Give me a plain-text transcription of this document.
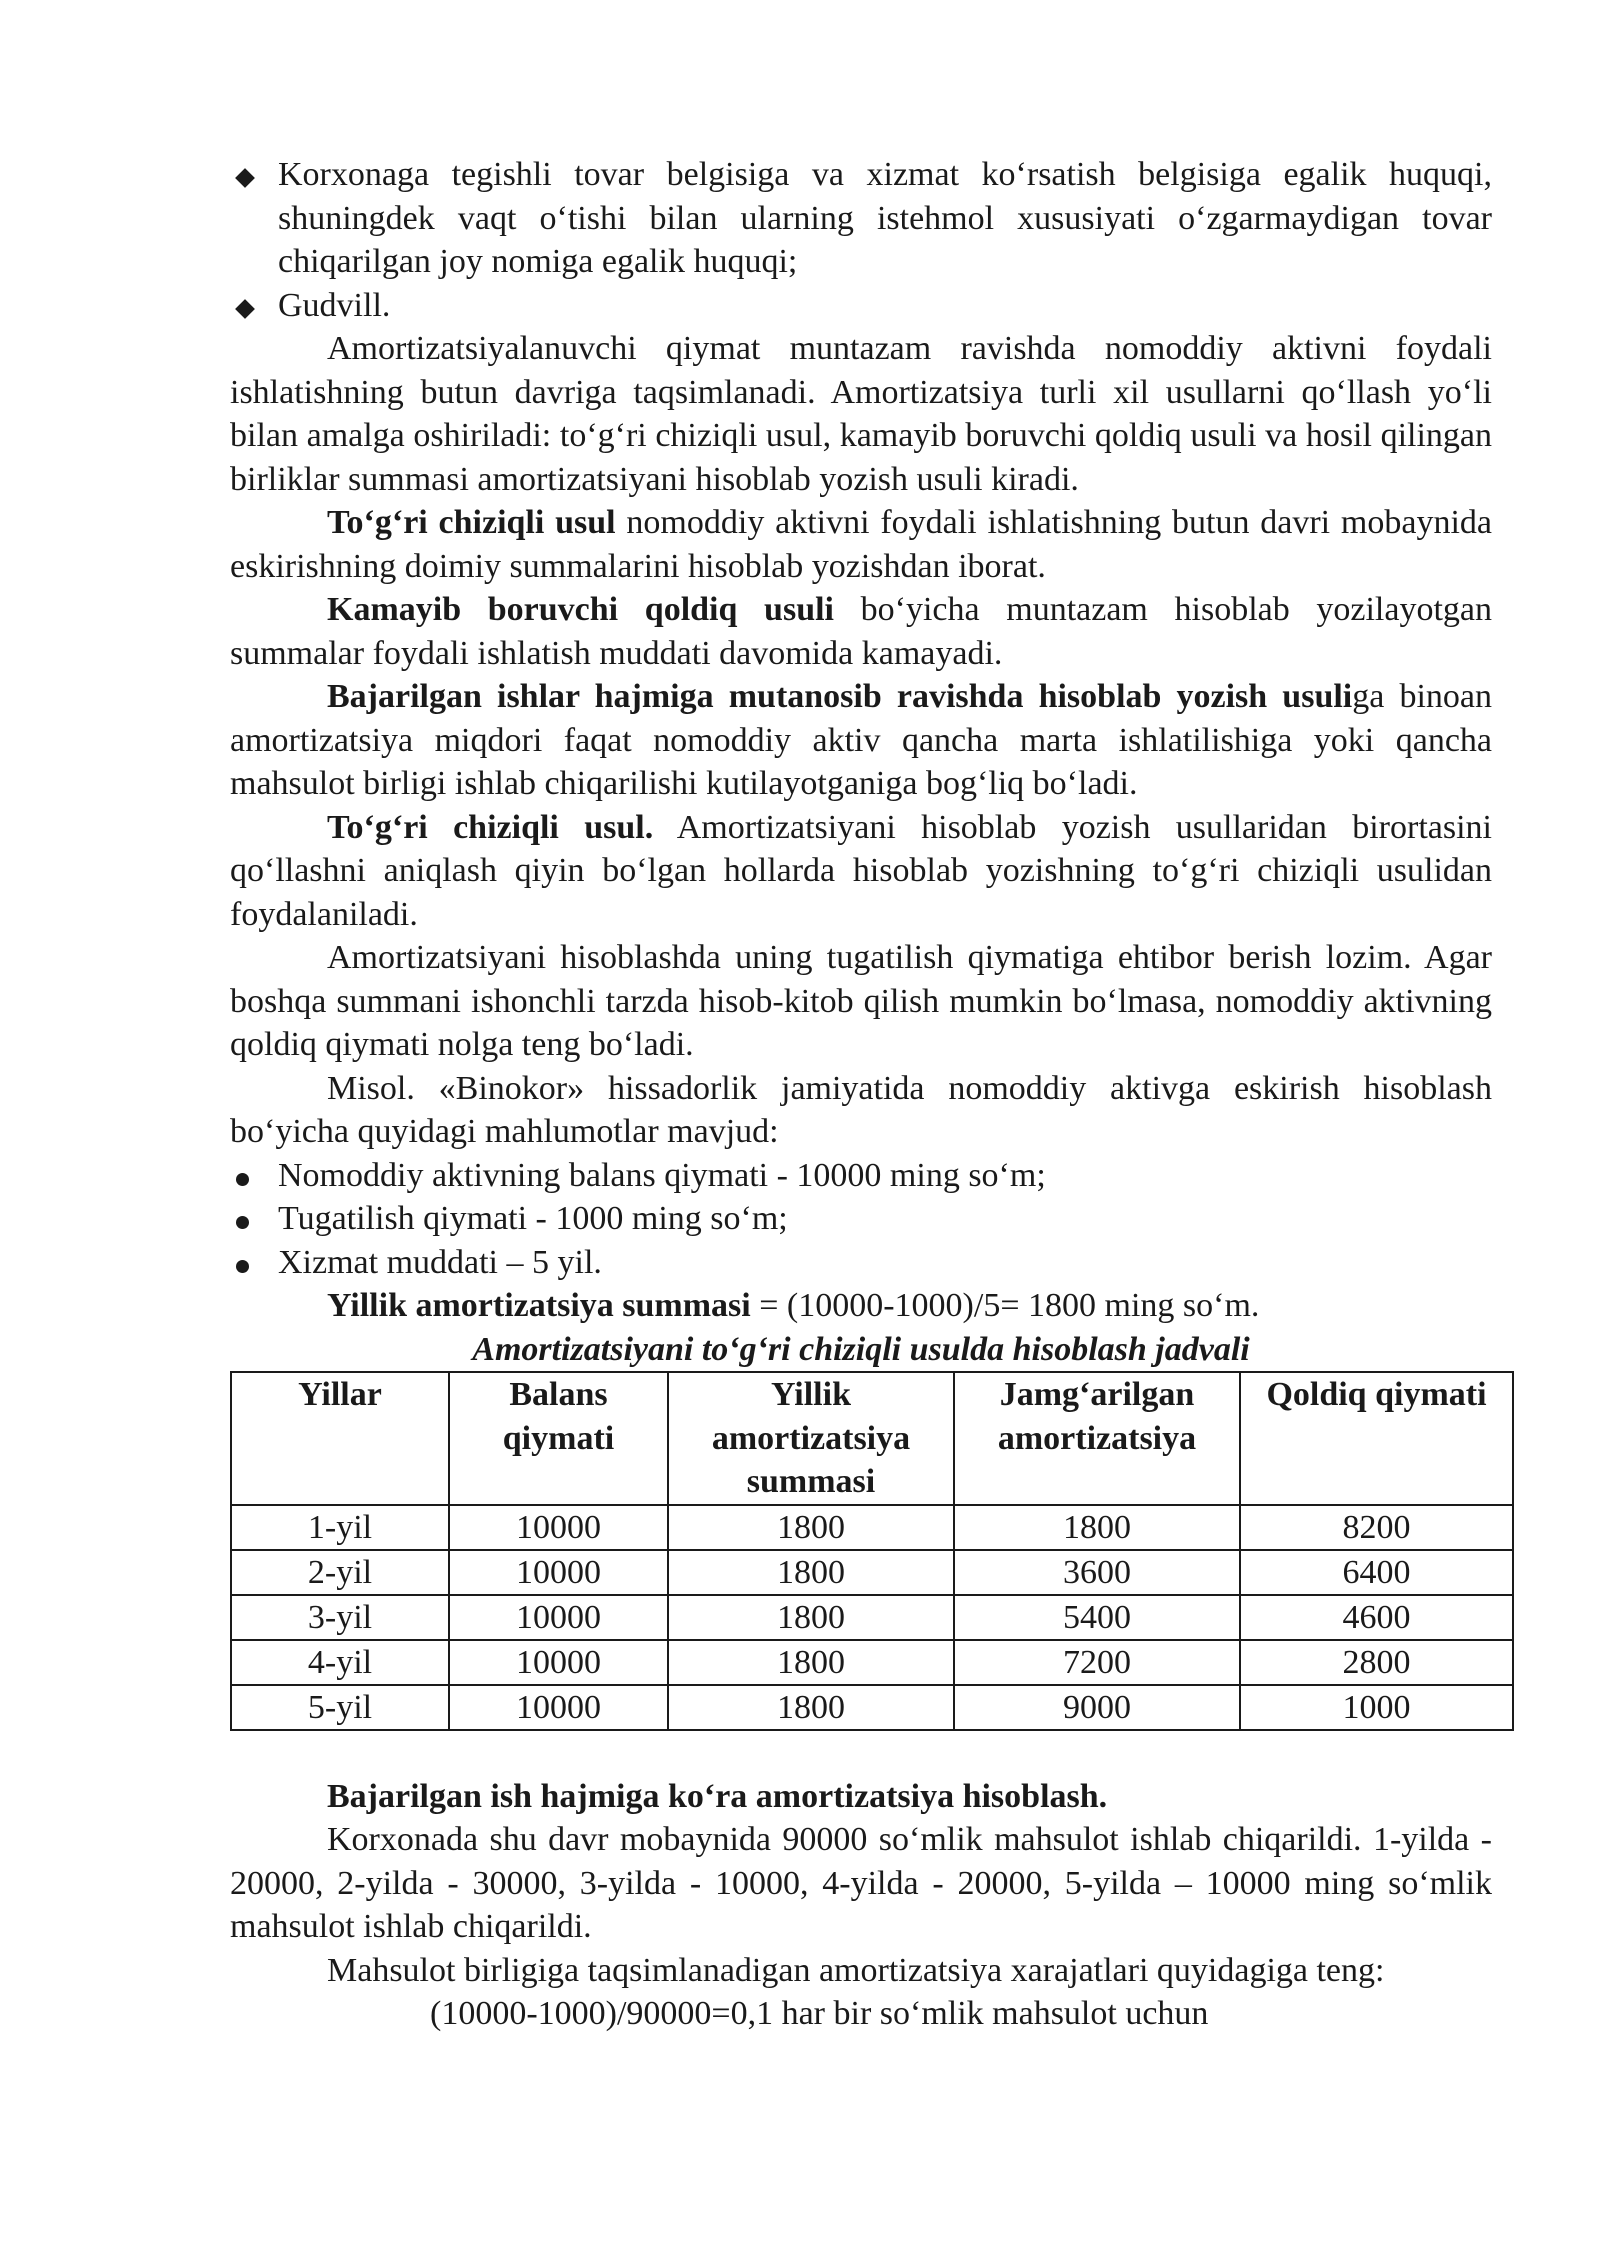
Korxonaga tegishli tovar belgisiga va xizmat ko‘rsatish belgisiga egalik huquqi, shuningdek vaqt o‘tishi bilan ularning istehmol xususiyati o‘zgarmaydigan tovar chiqarilgan joy nomiga egalik huquqi;
Gudvill.

Amortizatsiyalanuvchi qiymat muntazam ravishda nomoddiy aktivni foydali ishlatishning butun davriga taqsimlanadi. Amortizatsiya turli xil usullarni qo‘llash yo‘li bilan amalga oshiriladi: to‘g‘ri chiziqli usul, kamayib boruvchi qoldiq usuli va hosil qilingan birliklar summasi amortizatsiyani hisoblab yozish usuli kiradi.

To‘g‘ri chiziqli usul nomoddiy aktivni foydali ishlatishning butun davri mobaynida eskirishning doimiy summalarini hisoblab yozishdan iborat.

Kamayib boruvchi qoldiq usuli bo‘yicha muntazam hisoblab yozilayotgan summalar foydali ishlatish muddati davomida kamayadi.

Bajarilgan ishlar hajmiga mutanosib ravishda hisoblab yozish usuliga binoan amortizatsiya miqdori faqat nomoddiy aktiv qancha marta ishlatilishiga yoki qancha mahsulot birligi ishlab chiqarilishi kutilayotganiga bog‘liq bo‘ladi.

To‘g‘ri chiziqli usul. Amortizatsiyani hisoblab yozish usullaridan birortasini qo‘llashni aniqlash qiyin bo‘lgan hollarda hisoblab yozishning to‘g‘ri chiziqli usulidan foydalaniladi.

Amortizatsiyani hisoblashda uning tugatilish qiymatiga ehtibor berish lozim. Agar boshqa summani ishonchli tarzda hisob-kitob qilish mumkin bo‘lmasa, nomoddiy aktivning qoldiq qiymati nolga teng bo‘ladi.

Misol. «Binokor» hissadorlik jamiyatida nomoddiy aktivga eskirish hisoblash bo‘yicha quyidagi mahlumotlar mavjud:

Nomoddiy aktivning balans qiymati - 10000 ming so‘m;
Tugatilish qiymati - 1000 ming so‘m;
Xizmat muddati – 5 yil.

Yillik amortizatsiya summasi = (10000-1000)/5= 1800 ming so‘m.

Amortizatsiyani to‘g‘ri chiziqli usulda hisoblash jadvali

Yillar	Balans qiymati	Yillik amortizatsiya summasi	Jamg‘arilgan amortizatsiya	Qoldiq qiymati
1-yil	10000	1800	1800	8200
2-yil	10000	1800	3600	6400
3-yil	10000	1800	5400	4600
4-yil	10000	1800	7200	2800
5-yil	10000	1800	9000	1000

Bajarilgan ish hajmiga ko‘ra amortizatsiya hisoblash.

Korxonada shu davr mobaynida 90000 so‘mlik mahsulot ishlab chiqarildi. 1-yilda - 20000, 2-yilda - 30000, 3-yilda - 10000, 4-yilda - 20000, 5-yilda – 10000 ming so‘mlik mahsulot ishlab chiqarildi.

Mahsulot birligiga taqsimlanadigan amortizatsiya xarajatlari quyidagiga teng:

(10000-1000)/90000=0,1 har bir so‘mlik mahsulot uchun
